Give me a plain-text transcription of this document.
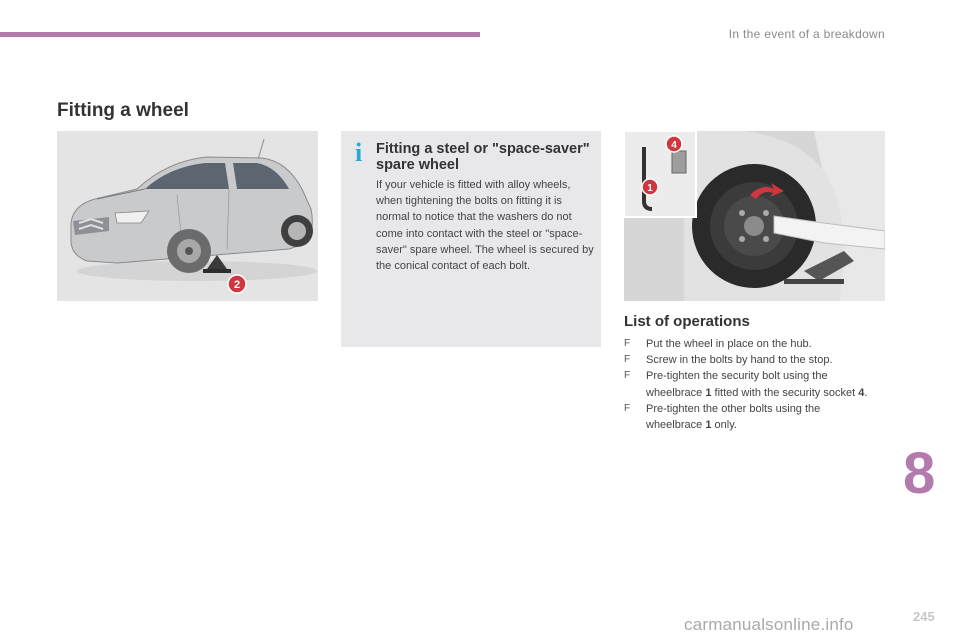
In the event of a breakdown
Fitting a wheel
2
i Fitting a steel or "space-saver" spare wheel

If your vehicle is fitted with alloy wheels, when tightening the bolts on fitting it is normal to notice that the washers do not come into contact with the steel or "space-saver" spare wheel. The wheel is secured by the conical contact of each bolt.

4
1
List of operations
F Put the wheel in place on the hub.
F Screw in the bolts by hand to the stop.
F Pre-tighten the security bolt using the wheelbrace 1 fitted with the security socket 4.
F Pre-tighten the other bolts using the wheelbrace 1 only.
8
245
carmanualsonline.info
